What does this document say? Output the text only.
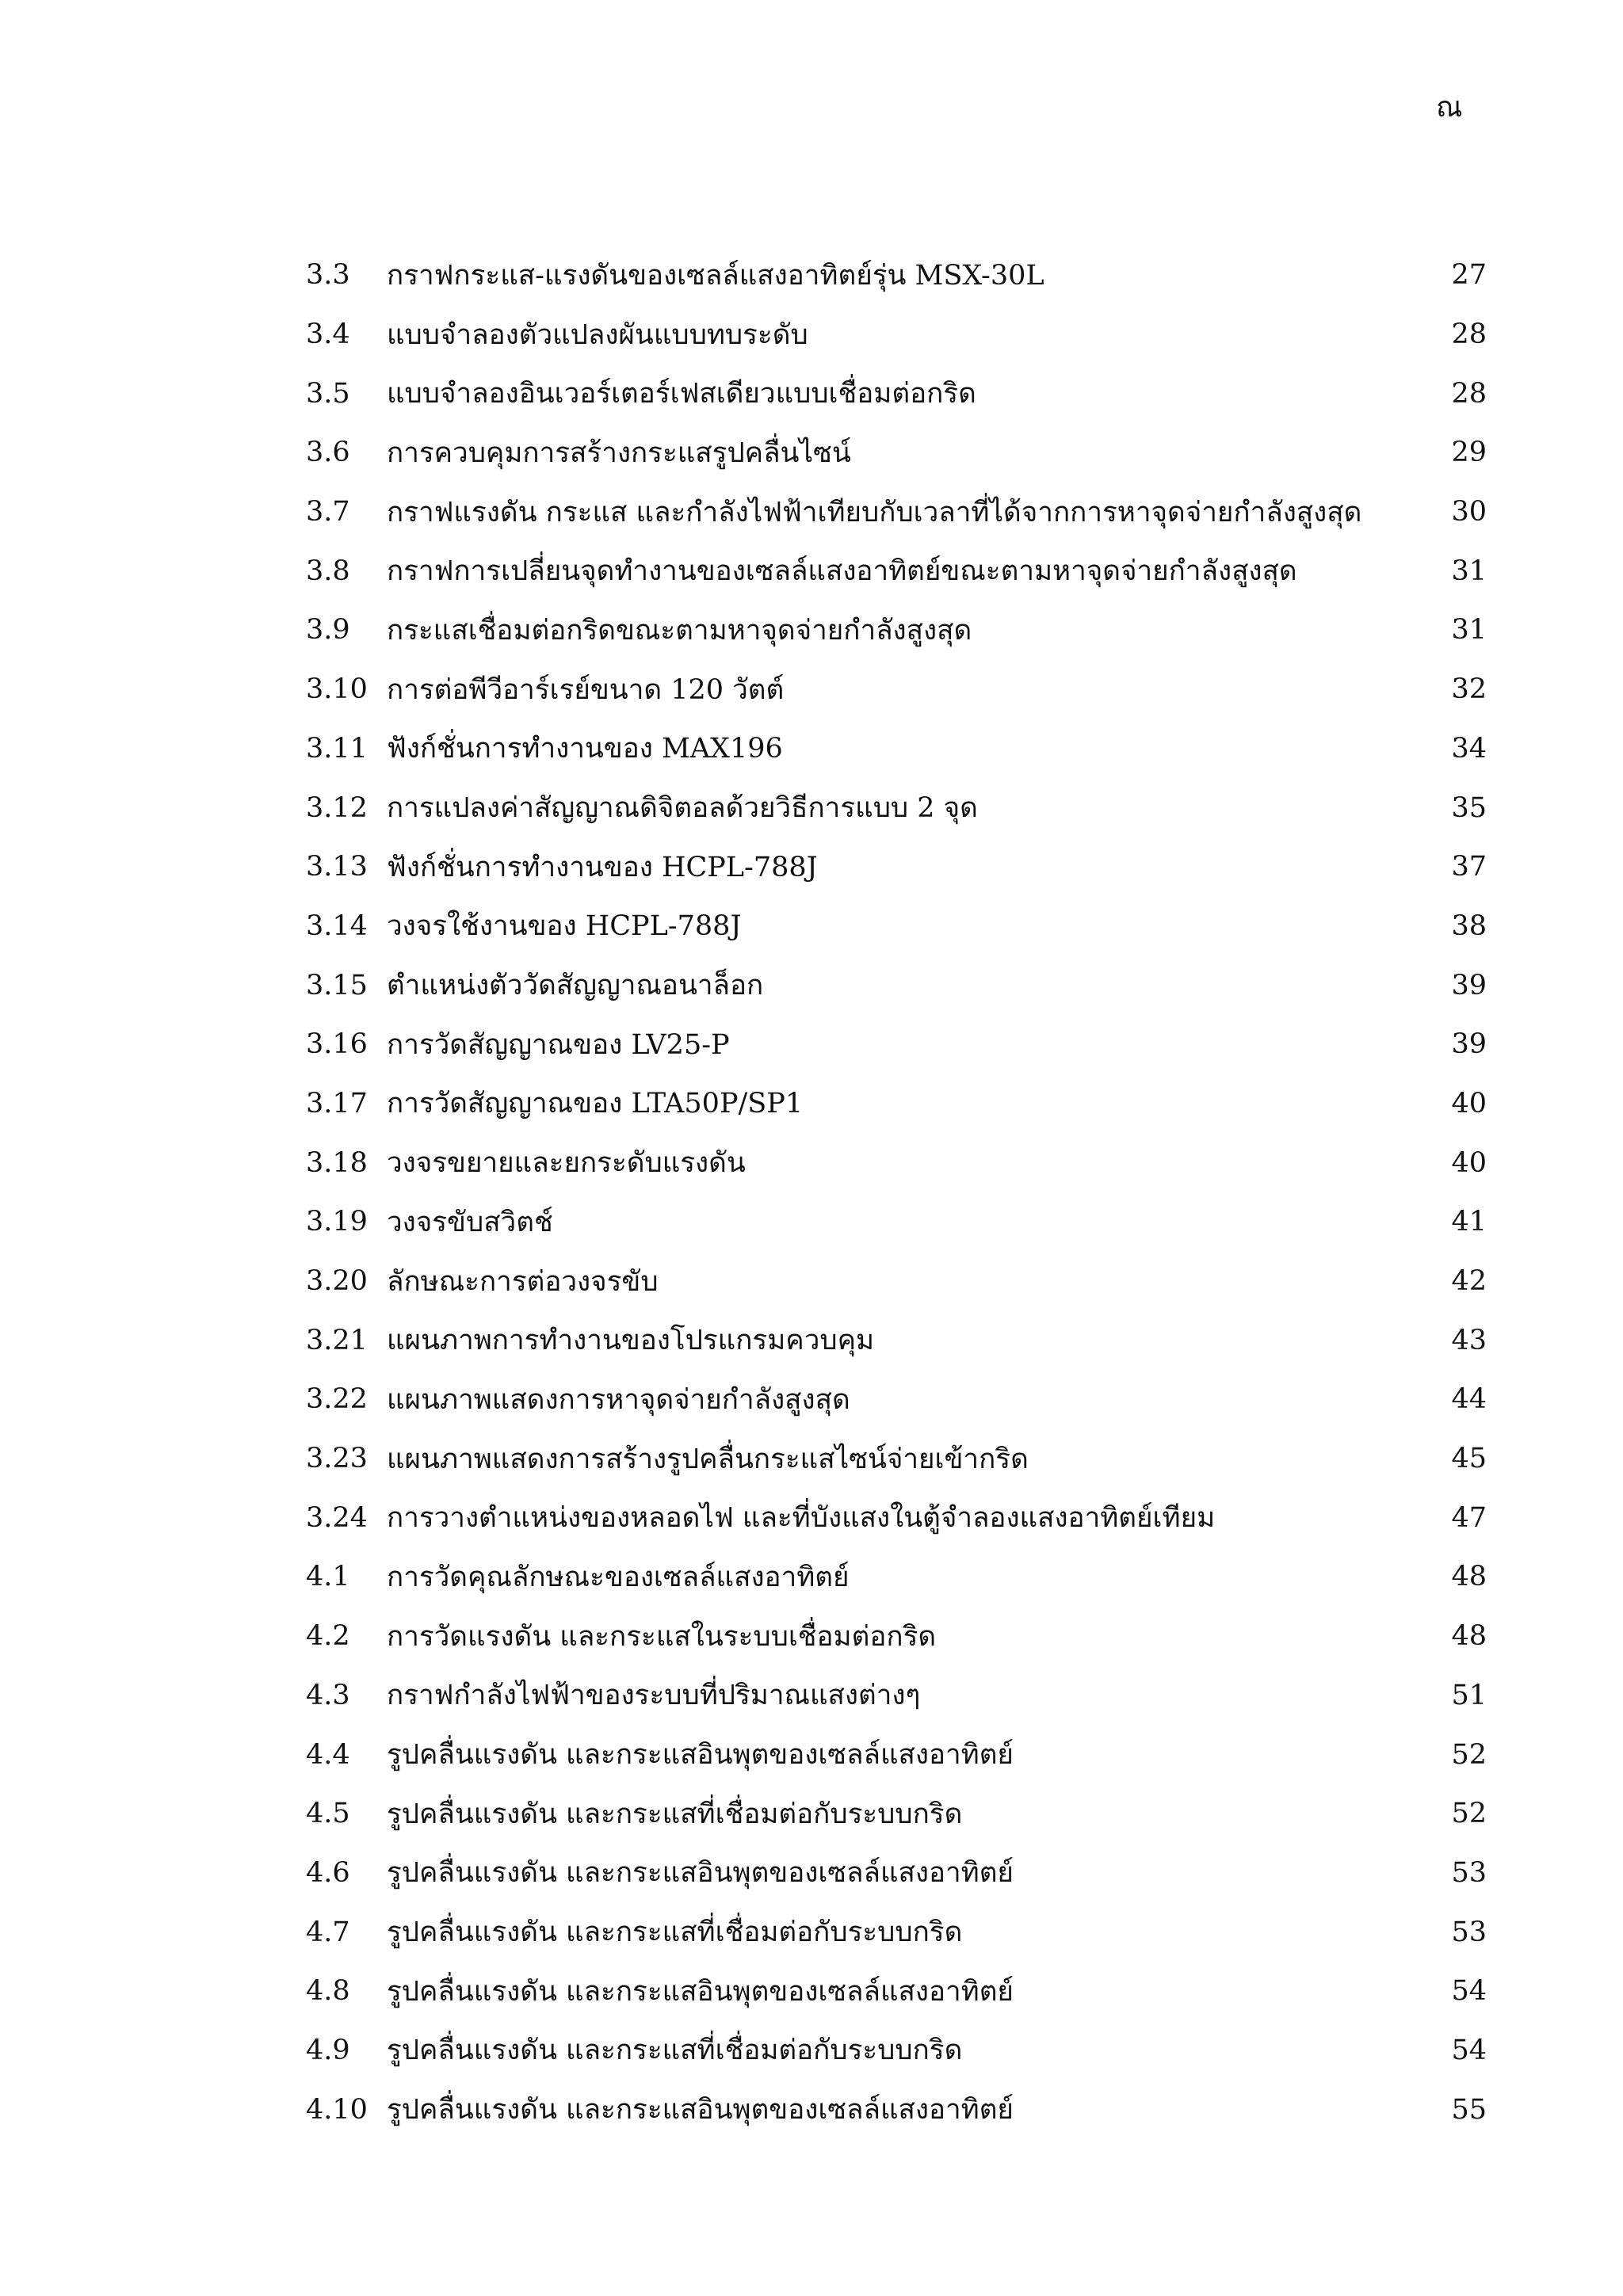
ณ
3.3	กราฟกระแส-แรงดันของเซลล์แสงอาทิตย์รุ่น MSX-30L	27
3.4	แบบจำลองตัวแปลงผันแบบทบระดับ	28
3.5	แบบจำลองอินเวอร์เตอร์เฟสเดียวแบบเชื่อมต่อกริด	28
3.6	การควบคุมการสร้างกระแสรูปคลื่นไซน์	29
3.7	กราฟแรงดัน กระแส และกำลังไฟฟ้าเทียบกับเวลาที่ได้จากการหาจุดจ่ายกำลังสูงสุด	30
3.8	กราฟการเปลี่ยนจุดทำงานของเซลล์แสงอาทิตย์ขณะตามหาจุดจ่ายกำลังสูงสุด	31
3.9	กระแสเชื่อมต่อกริดขณะตามหาจุดจ่ายกำลังสูงสุด	31
3.10 การต่อพีวีอาร์เรย์ขนาด 120 วัตต์	32
3.11 ฟังก์ชั่นการทำงานของ MAX196	34
3.12 การแปลงค่าสัญญาณดิจิตอลด้วยวิธีการแบบ 2 จุด	35
3.13 ฟังก์ชั่นการทำงานของ HCPL-788J	37
3.14 วงจรใช้งานของ HCPL-788J	38
3.15 ตำแหน่งตัววัดสัญญาณอนาล็อก	39
3.16 การวัดสัญญาณของ LV25-P	39
3.17 การวัดสัญญาณของ LTA50P/SP1	40
3.18 วงจรขยายและยกระดับแรงดัน	40
3.19 วงจรขับสวิตช์	41
3.20 ลักษณะการต่อวงจรขับ	42
3.21 แผนภาพการทำงานของโปรแกรมควบคุม	43
3.22 แผนภาพแสดงการหาจุดจ่ายกำลังสูงสุด	44
3.23 แผนภาพแสดงการสร้างรูปคลื่นกระแสไซน์จ่ายเข้ากริด	45
3.24 การวางตำแหน่งของหลอดไฟ และที่บังแสงในตู้จำลองแสงอาทิตย์เทียม	47
4.1	การวัดคุณลักษณะของเซลล์แสงอาทิตย์	48
4.2	การวัดแรงดัน และกระแสในระบบเชื่อมต่อกริด	48
4.3	กราฟกำลังไฟฟ้าของระบบที่ปริมาณแสงต่างๆ	51
4.4	รูปคลื่นแรงดัน และกระแสอินพุตของเซลล์แสงอาทิตย์	52
4.5	รูปคลื่นแรงดัน และกระแสที่เชื่อมต่อกับระบบกริด	52
4.6	รูปคลื่นแรงดัน และกระแสอินพุตของเซลล์แสงอาทิตย์	53
4.7	รูปคลื่นแรงดัน และกระแสที่เชื่อมต่อกับระบบกริด	53
4.8	รูปคลื่นแรงดัน และกระแสอินพุตของเซลล์แสงอาทิตย์	54
4.9	รูปคลื่นแรงดัน และกระแสที่เชื่อมต่อกับระบบกริด	54
4.10 รูปคลื่นแรงดัน และกระแสอินพุตของเซลล์แสงอาทิตย์	55
